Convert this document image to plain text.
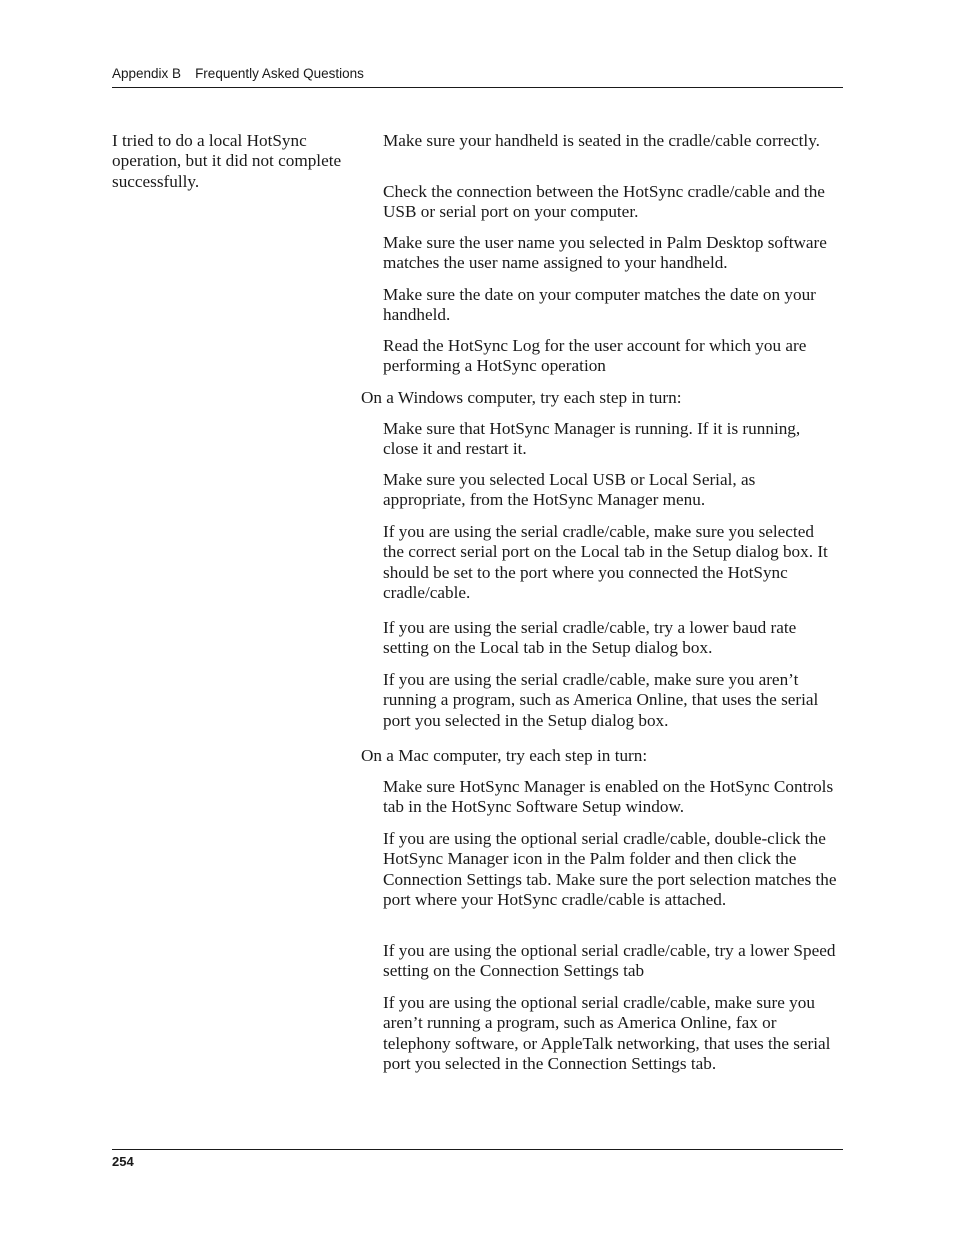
Appendix B Frequently Asked Questions
I tried to do a local HotSync operation, but it did not complete successfully.

Make sure your handheld is seated in the cradle/cable correctly.

Check the connection between the HotSync cradle/cable and the USB or serial port on your computer.

Make sure the user name you selected in Palm Desktop software matches the user name assigned to your handheld.

Make sure the date on your computer matches the date on your handheld.

Read the HotSync Log for the user account for which you are performing a HotSync operation

On a Windows computer, try each step in turn:

Make sure that HotSync Manager is running. If it is running, close it and restart it.

Make sure you selected Local USB or Local Serial, as appropriate, from the HotSync Manager menu.

If you are using the serial cradle/cable, make sure you selected the correct serial port on the Local tab in the Setup dialog box. It should be set to the port where you connected the HotSync cradle/cable.

If you are using the serial cradle/cable, try a lower baud rate setting on the Local tab in the Setup dialog box.

If you are using the serial cradle/cable, make sure you aren’t running a program, such as America Online, that uses the serial port you selected in the Setup dialog box.

On a Mac computer, try each step in turn:

Make sure HotSync Manager is enabled on the HotSync Controls tab in the HotSync Software Setup window.

If you are using the optional serial cradle/cable, double-click the HotSync Manager icon in the Palm folder and then click the Connection Settings tab. Make sure the port selection matches the port where your HotSync cradle/cable is attached.

If you are using the optional serial cradle/cable, try a lower Speed setting on the Connection Settings tab

If you are using the optional serial cradle/cable, make sure you aren’t running a program, such as America Online, fax or telephony software, or AppleTalk networking, that uses the serial port you selected in the Connection Settings tab.

254
